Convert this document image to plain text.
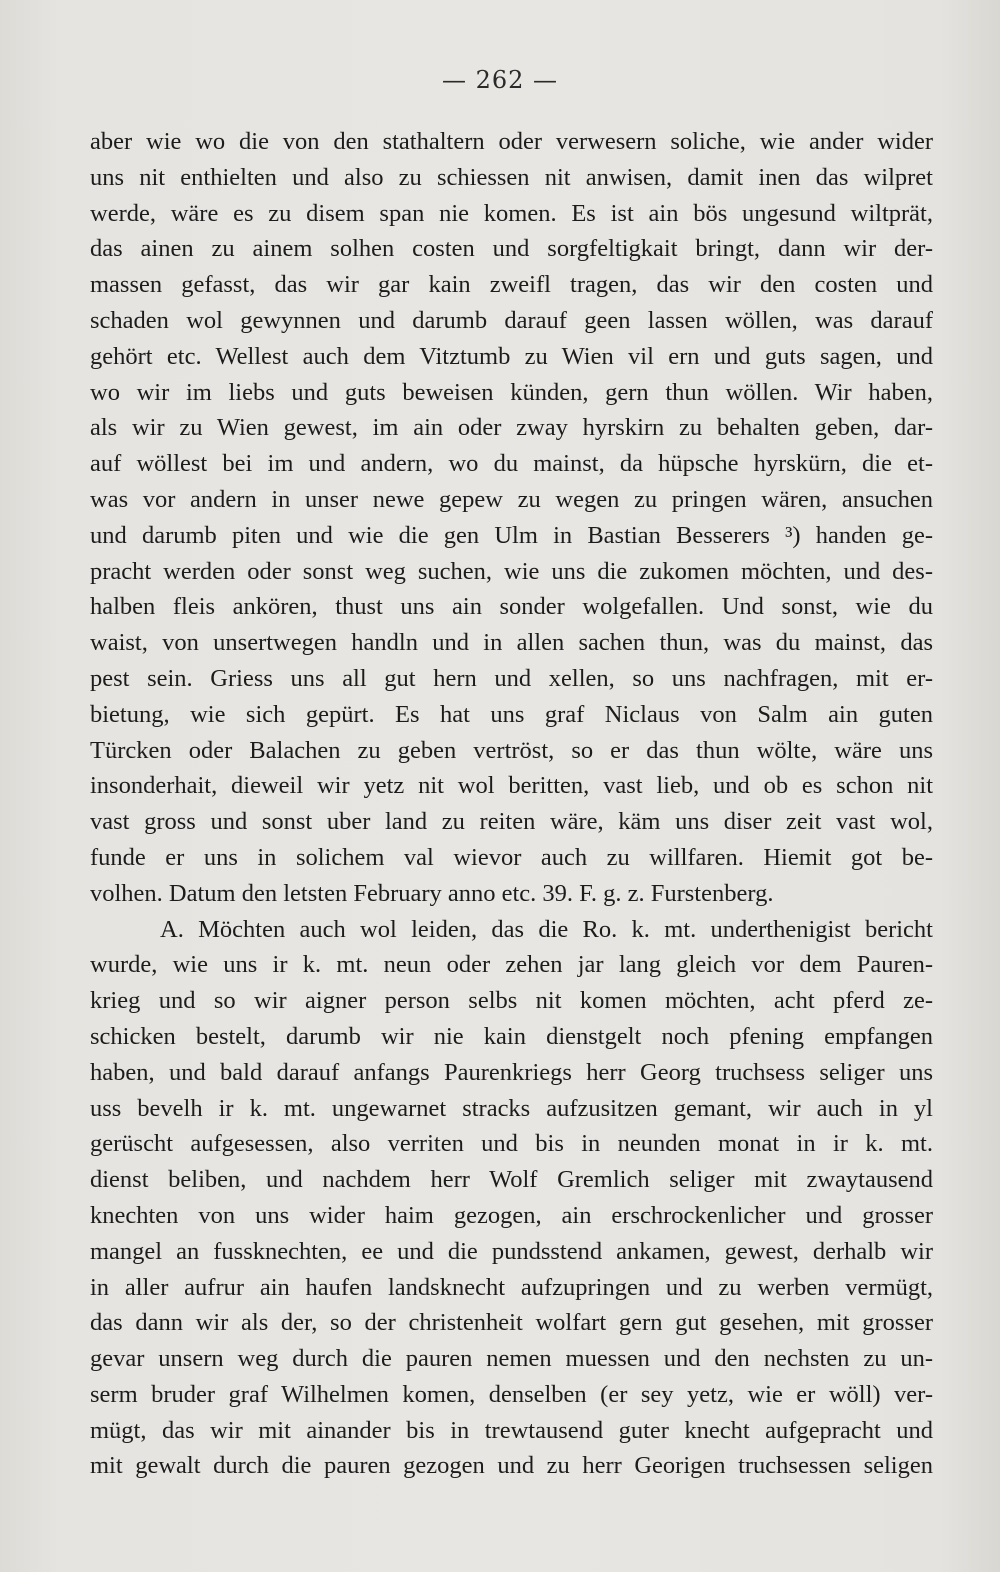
— 262 —
aber wie wo die von den stathaltern oder verwesern soliche, wie ander wider
uns nit enthielten und also zu schiessen nit anwisen, damit inen das wilpret
werde, wäre es zu disem span nie komen. Es ist ain bös ungesund wiltprät,
das ainen zu ainem solhen costen und sorgfeltigkait bringt, dann wir der-
massen gefasst, das wir gar kain zweifl tragen, das wir den costen und
schaden wol gewynnen und darumb darauf geen lassen wöllen, was darauf
gehört etc. Wellest auch dem Vitztumb zu Wien vil ern und guts sagen, und
wo wir im liebs und guts beweisen künden, gern thun wöllen. Wir haben,
als wir zu Wien gewest, im ain oder zway hyrskirn zu behalten geben, dar-
auf wöllest bei im und andern, wo du mainst, da hüpsche hyrskürn, die et-
was vor andern in unser newe gepew zu wegen zu pringen wären, ansuchen
und darumb piten und wie die gen Ulm in Bastian Besserers ³) handen ge-
pracht werden oder sonst weg suchen, wie uns die zukomen möchten, und des-
halben fleis ankören, thust uns ain sonder wolgefallen. Und sonst, wie du
waist, von unsertwegen handln und in allen sachen thun, was du mainst, das
pest sein. Griess uns all gut hern und xellen, so uns nachfragen, mit er-
bietung, wie sich gepürt. Es hat uns graf Niclaus von Salm ain guten
Türcken oder Balachen zu geben vertröst, so er das thun wölte, wäre uns
insonderhait, dieweil wir yetz nit wol beritten, vast lieb, und ob es schon nit
vast gross und sonst uber land zu reiten wäre, käm uns diser zeit vast wol,
funde er uns in solichem val wievor auch zu willfaren. Hiemit got be-
volhen. Datum den letsten February anno etc. 39. F. g. z. Furstenberg.
A. Möchten auch wol leiden, das die Ro. k. mt. underthenigist bericht
wurde, wie uns ir k. mt. neun oder zehen jar lang gleich vor dem Pauren-
krieg und so wir aigner person selbs nit komen möchten, acht pferd ze-
schicken bestelt, darumb wir nie kain dienstgelt noch pfening empfangen
haben, und bald darauf anfangs Paurenkriegs herr Georg truchsess seliger uns
uss bevelh ir k. mt. ungewarnet stracks aufzusitzen gemant, wir auch in yl
gerüscht aufgesessen, also verriten und bis in neunden monat in ir k. mt.
dienst beliben, und nachdem herr Wolf Gremlich seliger mit zwaytausend
knechten von uns wider haim gezogen, ain erschrockenlicher und grosser
mangel an fussknechten, ee und die pundsstend ankamen, gewest, derhalb wir
in aller aufrur ain haufen landsknecht aufzupringen und zu werben vermügt,
das dann wir als der, so der christenheit wolfart gern gut gesehen, mit grosser
gevar unsern weg durch die pauren nemen muessen und den nechsten zu un-
serm bruder graf Wilhelmen komen, denselben (er sey yetz, wie er wöll) ver-
mügt, das wir mit ainander bis in trewtausend guter knecht aufgepracht und
mit gewalt durch die pauren gezogen und zu herr Georigen truchsessen seligen
